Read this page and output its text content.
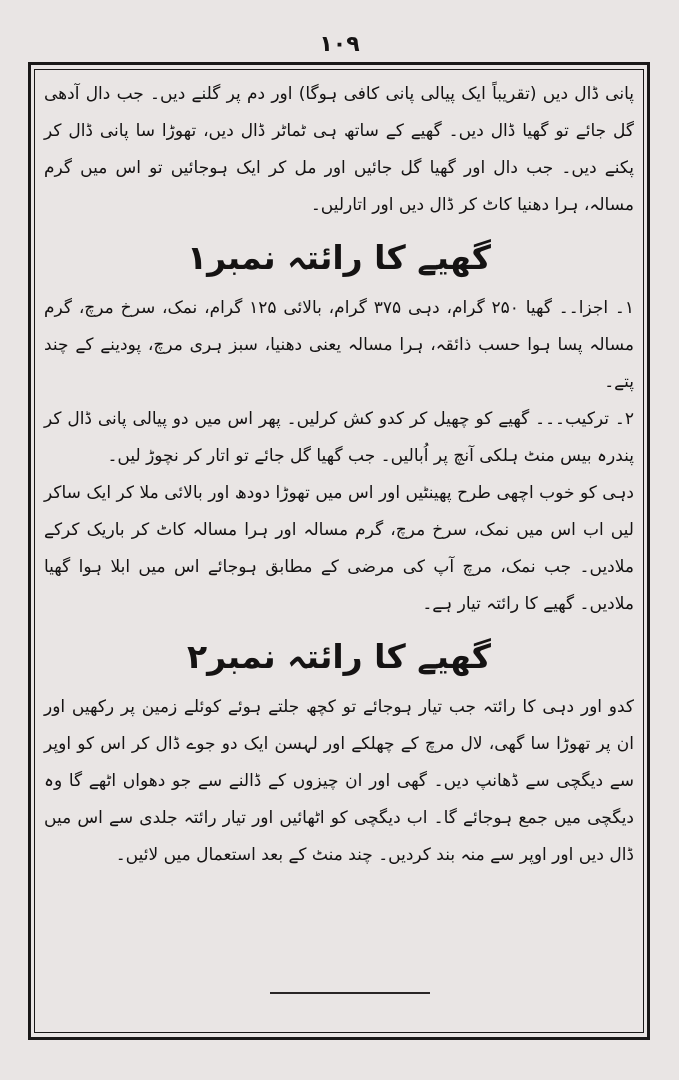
۱۰۹

پانی ڈال دیں (تقریباً ایک پیالی پانی کافی ہوگا) اور دم پر گلنے دیں۔ جب دال آدھی گل جائے تو گھیا ڈال دیں۔ گھیے کے ساتھ ہی ٹماٹر ڈال دیں، تھوڑا سا پانی ڈال کر پکنے دیں۔ جب دال اور گھیا گل جائیں اور مل کر ایک ہوجائیں تو اس میں گرم مسالہ، ہرا دھنیا کاٹ کر ڈال دیں اور اتارلیں۔

گھیے کا رائتہ نمبر۱

۱۔ اجزا۔۔ گھیا ۲۵۰ گرام، دہی ۳۷۵ گرام، بالائی ۱۲۵ گرام، نمک، سرخ مرچ، گرم مسالہ پسا ہوا حسب ذائقہ، ہرا مسالہ یعنی دھنیا، سبز ہری مرچ، پودینے کے چند پتے۔

۲۔ ترکیب۔۔۔ گھیے کو چھیل کر کدو کش کرلیں۔ پھر اس میں دو پیالی پانی ڈال کر پندرہ بیس منٹ ہلکی آنچ پر اُبالیں۔ جب گھیا گل جائے تو اتار کر نچوڑ لیں۔

دہی کو خوب اچھی طرح پھینٹیں اور اس میں تھوڑا دودھ اور بالائی ملا کر ایک ساکر لیں اب اس میں نمک، سرخ مرچ، گرم مسالہ اور ہرا مسالہ کاٹ کر باریک کرکے ملادیں۔ جب نمک، مرچ آپ کی مرضی کے مطابق ہوجائے اس میں ابلا ہوا گھیا ملادیں۔ گھیے کا رائتہ تیار ہے۔

گھیے کا رائتہ نمبر۲

کدو اور دہی کا رائتہ جب تیار ہوجائے تو کچھ جلتے ہوئے کوئلے زمین پر رکھیں اور ان پر تھوڑا سا گھی، لال مرچ کے چھلکے اور لہسن ایک دو جوے ڈال کر اس کو اوپر سے دیگچی سے ڈھانپ دیں۔ گھی اور ان چیزوں کے ڈالنے سے جو دھواں اٹھے گا وہ دیگچی میں جمع ہوجائے گا۔ اب دیگچی کو اٹھائیں اور تیار رائتہ جلدی سے اس میں ڈال دیں اور اوپر سے منہ بند کردیں۔ چند منٹ کے بعد استعمال میں لائیں۔
